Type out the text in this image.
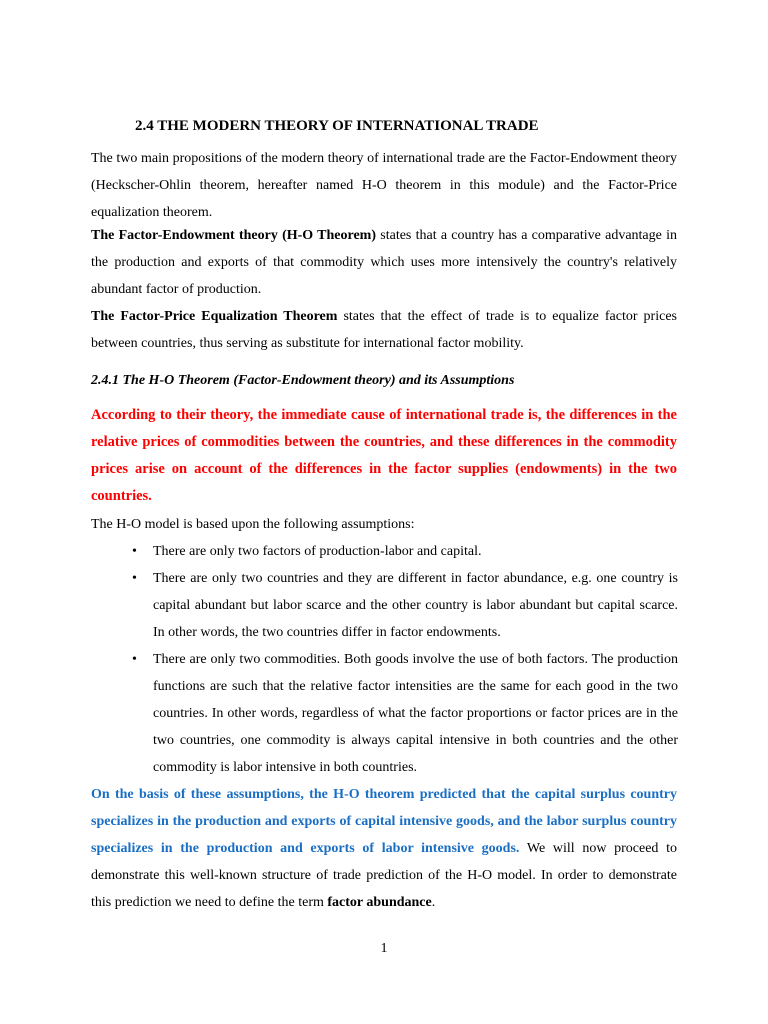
2.4 THE MODERN THEORY OF INTERNATIONAL TRADE

The two main propositions of the modern theory of international trade are the Factor-Endowment theory (Heckscher-Ohlin theorem, hereafter named H-O theorem in this module) and the Factor-Price equalization theorem.

The Factor-Endowment theory (H-O Theorem) states that a country has a comparative advantage in the production and exports of that commodity which uses more intensively the country's relatively abundant factor of production.

The Factor-Price Equalization Theorem states that the effect of trade is to equalize factor prices between countries, thus serving as substitute for international factor mobility.

2.4.1 The H-O Theorem (Factor-Endowment theory) and its Assumptions

According to their theory, the immediate cause of international trade is, the differences in the relative prices of commodities between the countries, and these differences in the commodity prices arise on account of the differences in the factor supplies (endowments) in the two countries.

The H-O model is based upon the following assumptions:

• There are only two factors of production-labor and capital.
• There are only two countries and they are different in factor abundance, e.g. one country is capital abundant but labor scarce and the other country is labor abundant but capital scarce. In other words, the two countries differ in factor endowments.
• There are only two commodities. Both goods involve the use of both factors. The production functions are such that the relative factor intensities are the same for each good in the two countries. In other words, regardless of what the factor proportions or factor prices are in the two countries, one commodity is always capital intensive in both countries and the other commodity is labor intensive in both countries.

On the basis of these assumptions, the H-O theorem predicted that the capital surplus country specializes in the production and exports of capital intensive goods, and the labor surplus country specializes in the production and exports of labor intensive goods. We will now proceed to demonstrate this well-known structure of trade prediction of the H-O model. In order to demonstrate this prediction we need to define the term factor abundance.

1
